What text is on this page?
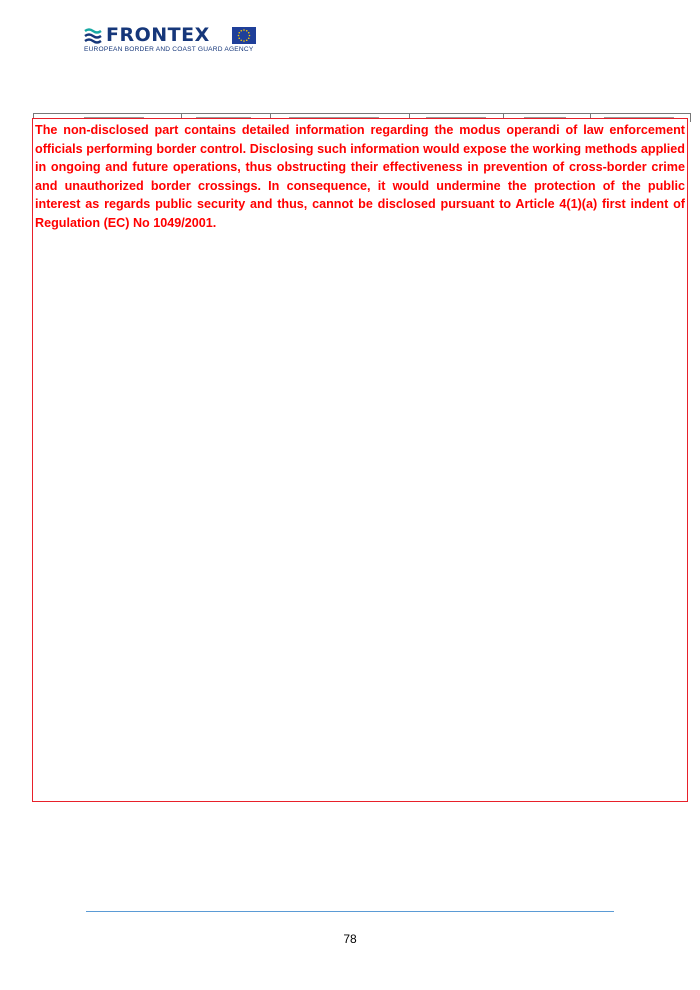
FRONTEX
EUROPEAN BORDER AND COAST GUARD AGENCY

The non-disclosed part contains detailed information regarding the modus operandi of law enforcement officials performing border control. Disclosing such information would expose the working methods applied in ongoing and future operations, thus obstructing their effectiveness in prevention of cross-border crime and unauthorized border crossings. In consequence, it would undermine the protection of the public interest as regards public security and thus, cannot be disclosed pursuant to Article 4(1)(a) first indent of Regulation (EC) No 1049/2001.

78
